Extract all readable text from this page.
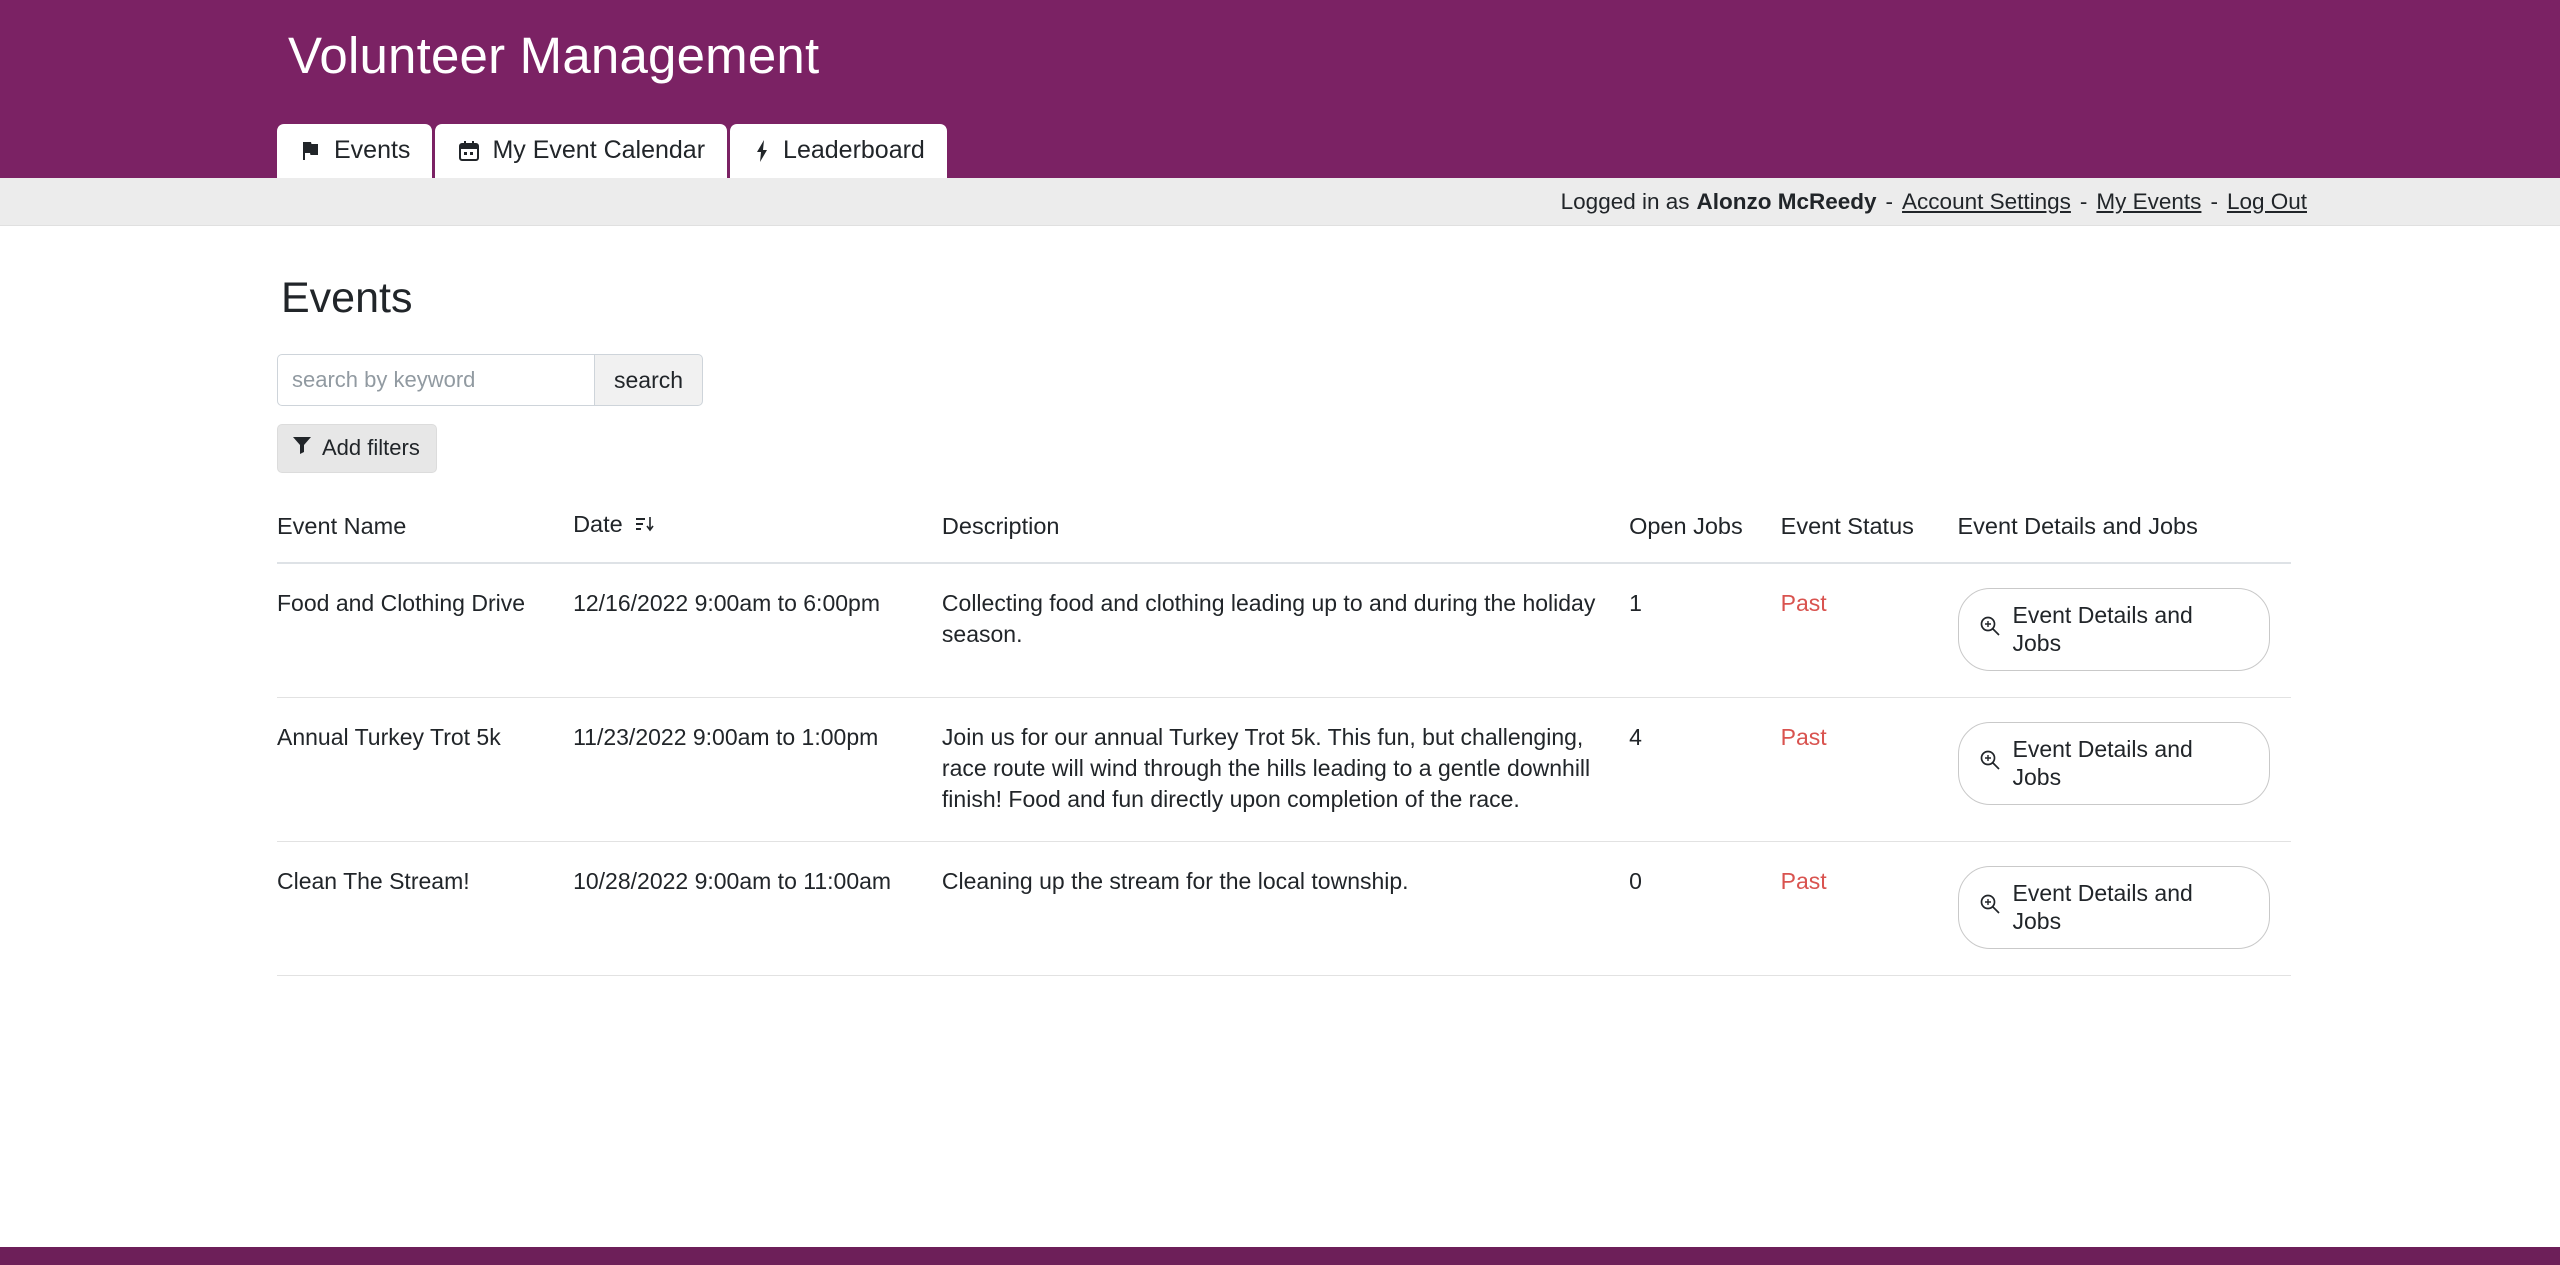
Volunteer Management
Events	My Event Calendar	Leaderboard
Logged in as Alonzo McReedy - Account Settings - My Events - Log Out
Events
search by keyword
search
Add filters
Event Name	Date	Description	Open Jobs	Event Status	Event Details and Jobs
Food and Clothing Drive	12/16/2022 9:00am to 6:00pm	Collecting food and clothing leading up to and during the holiday season.	1	Past	Event Details and Jobs

Annual Turkey Trot 5k	11/23/2022 9:00am to 1:00pm	Join us for our annual Turkey Trot 5k. This fun, but challenging, race route will wind through the hills leading to a gentle downhill finish! Food and fun directly upon completion of the race.	4	Past	Event Details and Jobs

Clean The Stream!	10/28/2022 9:00am to 11:00am	Cleaning up the stream for the local township.	0	Past	Event Details and Jobs
